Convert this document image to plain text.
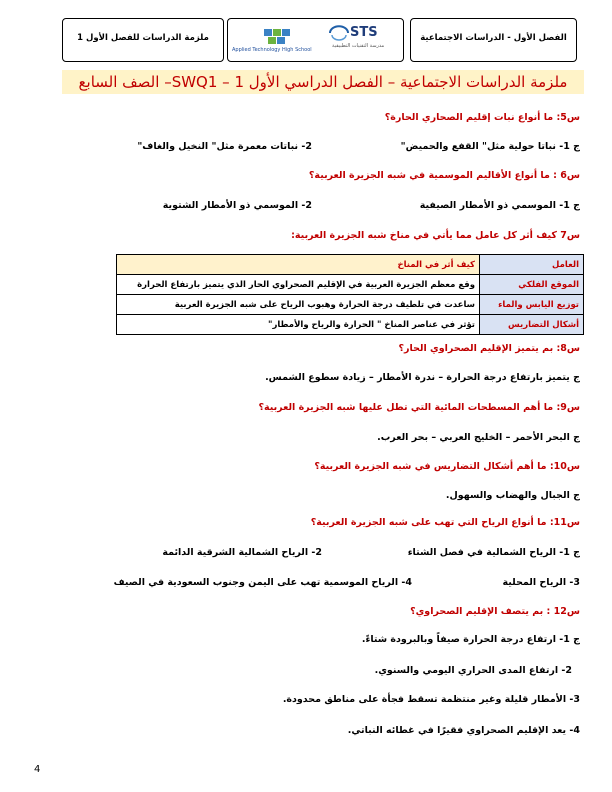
ملزمة الدراسات للفصل الأول 1
Applied Technology High School
STS
مدرسة التقنيات التطبيقية
الفصل الأول - الدراسات الاجتماعية
ملزمة الدراسات الاجتماعية – الفصل الدراسي الأول 1 – SWQ1– الصف السابع
س5: ما أنواع نبات إقليم الصحاري الحارة؟
ج 1- نباتا حولية مثل" القفع والحميض"
2- نباتات معمرة مثل" النخيل والغاف"
س6 : ما أنواع الأقاليم الموسمية في شبه الجزيرة العربية؟
ج 1- الموسمي ذو الأمطار الصيفية
2- الموسمي ذو الأمطار الشتوية
س7 كيف أثر كل عامل مما يأتي في مناخ شبه الجزيرة العربية:
العامل	كيف أثر في المناخ
الموقع الفلكي	وقع معظم الجزيرة العربية في الإقليم الصحراوي الحار الذي يتميز بارتفاع الحرارة
توزيع اليابس والماء	ساعدت في تلطيف درجة الحرارة وهبوب الرياح على شبه الجزيرة العربية
أشكال التضاريس	تؤثر في عناصر المناخ " الحرارة والرياح والأمطار"
س8: بم يتميز الإقليم الصحراوي الحار؟
ج يتميز بارتفاع درجة الحرارة – ندرة الأمطار – زيادة سطوع الشمس.
س9: ما أهم المسطحات المائية التي تطل عليها شبه الجزيرة العربية؟
ج البحر الأحمر – الخليج العربي – بحر العرب.
س10: ما أهم أشكال التضاريس في شبه الجزيرة العربية؟
ج الجبال والهضاب والسهول.
س11: ما أنواع الرياح التي تهب على شبه الجزيرة العربية؟
ج 1- الرياح الشمالية في فصل الشتاء
2- الرياح الشمالية الشرقية الدائمة
3- الرياح المحلية
4- الرياح الموسمية تهب على اليمن وجنوب السعودية في الصيف
س12 : بم يتصف الإقليم الصحراوي؟
ج 1- ارتفاع درجة الحرارة صيفاً وبالبرودة شتاءً.
2- ارتفاع المدى الحراري اليومي والسنوي.
3- الأمطار قليلة وغير منتظمة تسقط فجأة على مناطق محدودة.
4- يعد الإقليم الصحراوي فقيرًا في غطائه النباتي.
4
